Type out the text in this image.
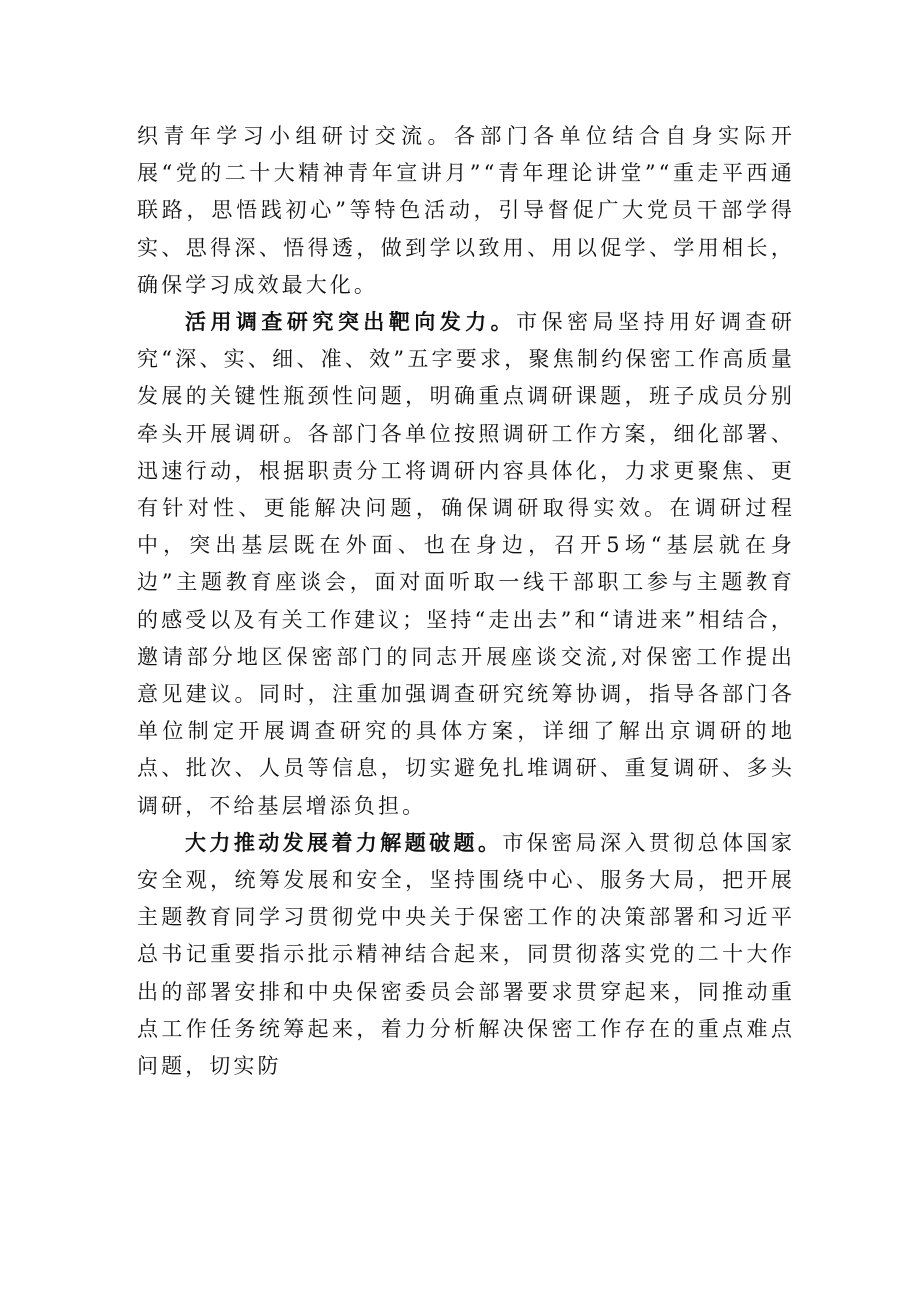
织青年学习小组研讨交流。各部门各单位结合自身实际开展“党的二十大精神青年宣讲月”“青年理论讲堂”“重走平西通联路，思悟践初心”等特色活动，引导督促广大党员干部学得实、思得深、悟得透，做到学以致用、用以促学、学用相长，确保学习成效最大化。

活用调查研究突出靶向发力。市保密局坚持用好调查研究“深、实、细、准、效”五字要求，聚焦制约保密工作高质量发展的关键性瓶颈性问题，明确重点调研课题，班子成员分别牵头开展调研。各部门各单位按照调研工作方案，细化部署、迅速行动，根据职责分工将调研内容具体化，力求更聚焦、更有针对性、更能解决问题，确保调研取得实效。在调研过程中，突出基层既在外面、也在身边，召开5场“基层就在身边”主题教育座谈会，面对面听取一线干部职工参与主题教育的感受以及有关工作建议；坚持“走出去”和“请进来”相结合，邀请部分地区保密部门的同志开展座谈交流,对保密工作提出意见建议。同时，注重加强调查研究统筹协调，指导各部门各单位制定开展调查研究的具体方案，详细了解出京调研的地点、批次、人员等信息，切实避免扎堆调研、重复调研、多头调研，不给基层增添负担。

大力推动发展着力解题破题。市保密局深入贯彻总体国家安全观，统筹发展和安全，坚持围绕中心、服务大局，把开展主题教育同学习贯彻党中央关于保密工作的决策部署和习近平总书记重要指示批示精神结合起来，同贯彻落实党的二十大作出的部署安排和中央保密委员会部署要求贯穿起来，同推动重点工作任务统筹起来，着力分析解决保密工作存在的重点难点问题，切实防
